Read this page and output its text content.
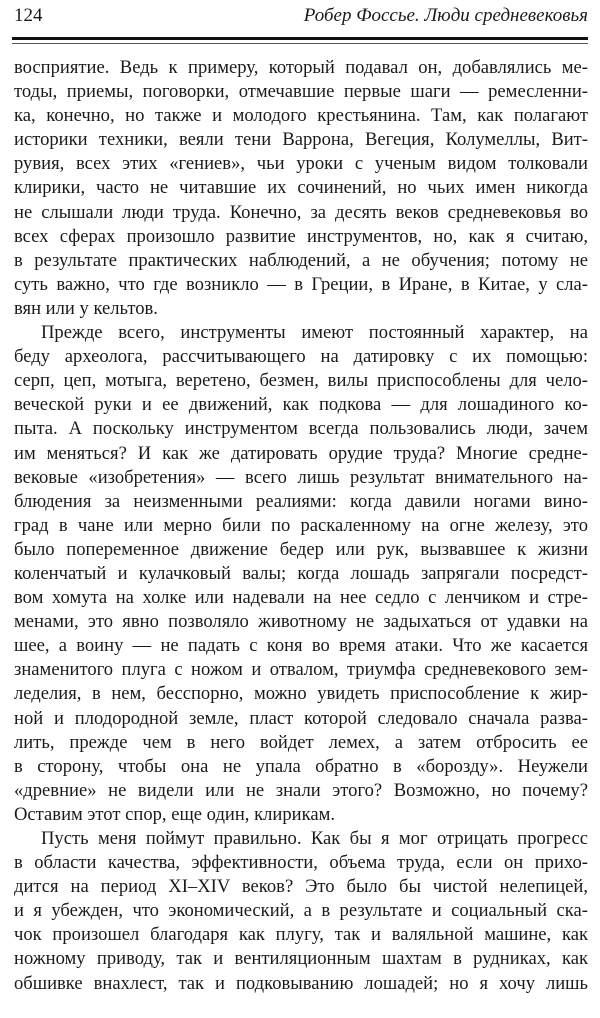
124	Робер Фоссье. Люди средневековья
восприятие. Ведь к примеру, который подавал он, добавлялись ме-
тоды, приемы, поговорки, отмечавшие первые шаги — ремесленни-
ка, конечно, но также и молодого крестьянина. Там, как полагают
историки техники, веяли тени Варрона, Вегеция, Колумеллы, Вит-
рувия, всех этих «гениев», чьи уроки с ученым видом толковали
клирики, часто не читавшие их сочинений, но чьих имен никогда
не слышали люди труда. Конечно, за десять веков средневековья во
всех сферах произошло развитие инструментов, но, как я считаю,
в результате практических наблюдений, а не обучения; потому не
суть важно, что где возникло — в Греции, в Иране, в Китае, у сла-
вян или у кельтов.
Прежде всего, инструменты имеют постоянный характер, на
беду археолога, рассчитывающего на датировку с их помощью:
серп, цеп, мотыга, веретено, безмен, вилы приспособлены для чело-
веческой руки и ее движений, как подкова — для лошадиного ко-
пыта. А поскольку инструментом всегда пользовались люди, зачем
им меняться? И как же датировать орудие труда? Многие средне-
вековые «изобретения» — всего лишь результат внимательного на-
блюдения за неизменными реалиями: когда давили ногами вино-
град в чане или мерно били по раскаленному на огне железу, это
было попеременное движение бедер или рук, вызвавшее к жизни
коленчатый и кулачковый валы; когда лошадь запрягали посредст-
вом хомута на холке или надевали на нее седло с ленчиком и стре-
менами, это явно позволяло животному не задыхаться от удавки на
шее, а воину — не падать с коня во время атаки. Что же касается
знаменитого плуга с ножом и отвалом, триумфа средневекового зем-
леделия, в нем, бесспорно, можно увидеть приспособление к жир-
ной и плодородной земле, пласт которой следовало сначала разва-
лить, прежде чем в него войдет лемех, а затем отбросить ее
в сторону, чтобы она не упала обратно в «борозду». Неужели
«древние» не видели или не знали этого? Возможно, но почему?
Оставим этот спор, еще один, клирикам.
Пусть меня поймут правильно. Как бы я мог отрицать прогресс
в области качества, эффективности, объема труда, если он прихо-
дится на период XI–XIV веков? Это было бы чистой нелепицей,
и я убежден, что экономический, а в результате и социальный ска-
чок произошел благодаря как плугу, так и валяльной машине, как
ножному приводу, так и вентиляционным шахтам в рудниках, как
обшивке внахлест, так и подковыванию лошадей; но я хочу лишь
